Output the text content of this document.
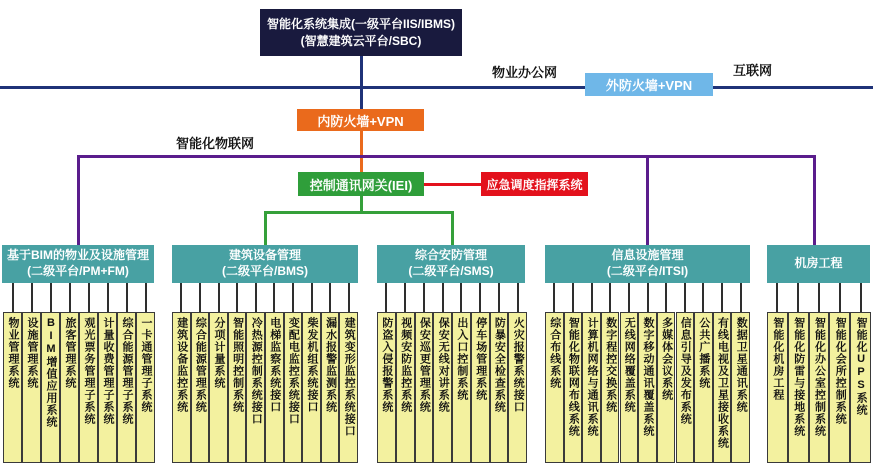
智能化系统集成(一级平台IIS/IBMS)
(智慧建筑云平台/SBC)
物业办公网
外防火墙+VPN
互联网
内防火墙+VPN
智能化物联网
控制通讯网关(IEI)	应急调度指挥系统
基于BIM的物业及设施管理
(二级平台/PM+FM)
物业管理系统 设施管理系统 BIM增值应用系统 旅客管理系统 观光票务管理子系统 计量收费管理子系统 综合能源管理子系统 一卡通管理子系统
建筑设备管理
(二级平台/BMS)
建筑设备监控系统 综合能源管理系统 分项计量系统 智能照明控制系统 冷热源控制系统接口 电梯监察系统接口 变配电监控系统接口 柴发机组系统接口 漏水报警监测系统 建筑变形监控系统接口
综合安防管理
(二级平台/SMS)
防盗入侵报警系统 视频安防监控系统 保安巡更管理系统 保安无线对讲系统 出入口控制系统 停车场管理系统 防暴安全检查系统 火灾报警系统接口
信息设施管理
(二级平台/ITSI)
综合布线系统 智能化物联网布线系统 计算机网络与通讯系统 数字程控交换系统 无线网络覆盖系统 数字移动通讯覆盖系统 多媒体会议系统 信息引导及发布系统 公共广播系统 有线电视及卫星接收系统 数据卫星通讯系统
机房工程
智能化机房工程 智能化防雷与接地系统 智能化办公室控制系统 智能化会所控制系统 智能化UPS系统
